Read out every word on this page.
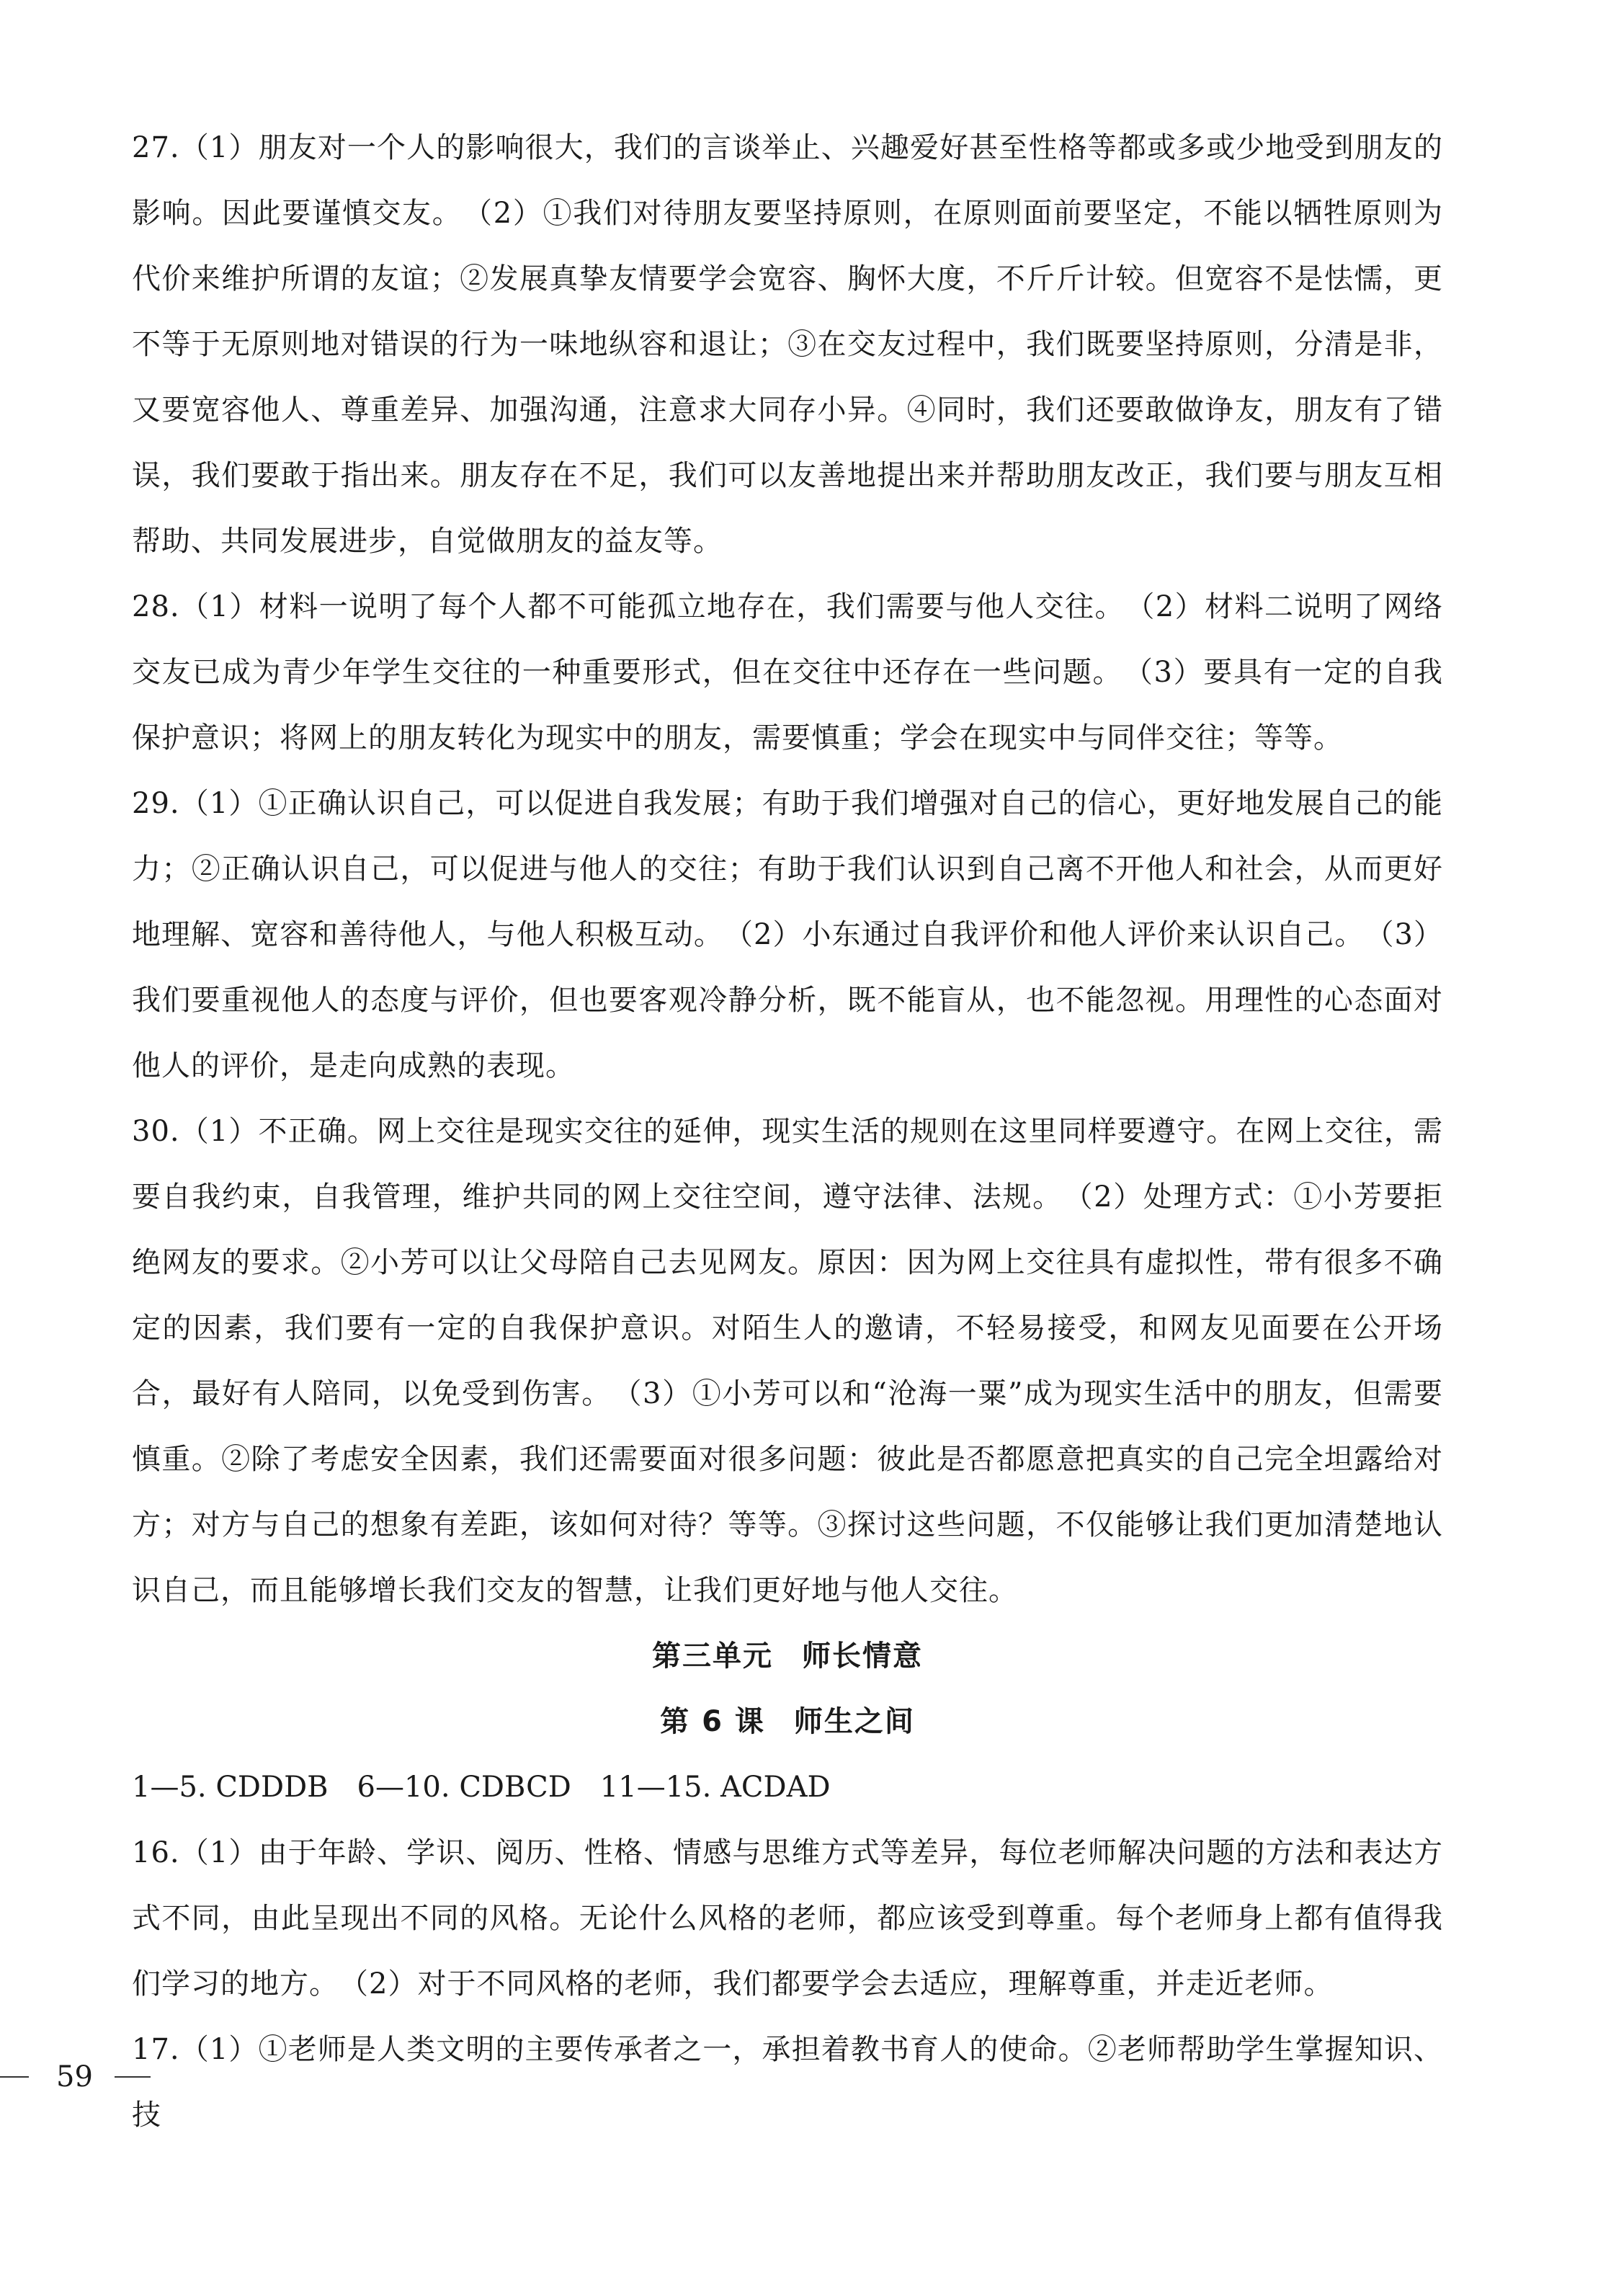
27.（1）朋友对一个人的影响很大，我们的言谈举止、兴趣爱好甚至性格等都或多或少地受到朋友的影响。因此要谨慎交友。　（2）①我们对待朋友要坚持原则，在原则面前要坚定，不能以牺牲原则为代价来维护所谓的友谊；②发展真挚友情要学会宽容、胸怀大度，不斤斤计较。但宽容不是怯懦，更不等于无原则地对错误的行为一味地纵容和退让；③在交友过程中，我们既要坚持原则，分清是非，又要宽容他人、尊重差异、加强沟通，注意求大同存小异。④同时，我们还要敢做诤友，朋友有了错误，我们要敢于指出来。朋友存在不足，我们可以友善地提出来并帮助朋友改正，我们要与朋友互相帮助、共同发展进步，自觉做朋友的益友等。

28.（1）材料一说明了每个人都不可能孤立地存在，我们需要与他人交往。　（2）材料二说明了网络交友已成为青少年学生交往的一种重要形式，但在交往中还存在一些问题。　（3）要具有一定的自我保护意识；将网上的朋友转化为现实中的朋友，需要慎重；学会在现实中与同伴交往；等等。

29.（1）①正确认识自己，可以促进自我发展；有助于我们增强对自己的信心，更好地发展自己的能力；②正确认识自己，可以促进与他人的交往；有助于我们认识到自己离不开他人和社会，从而更好地理解、宽容和善待他人，与他人积极互动。　（2）小东通过自我评价和他人评价来认识自己。　（3）我们要重视他人的态度与评价，但也要客观冷静分析，既不能盲从，也不能忽视。用理性的心态面对他人的评价，是走向成熟的表现。

30.（1）不正确。网上交往是现实交往的延伸，现实生活的规则在这里同样要遵守。在网上交往，需要自我约束，自我管理，维护共同的网上交往空间，遵守法律、法规。　（2）处理方式：①小芳要拒绝网友的要求。②小芳可以让父母陪自己去见网友。原因：因为网上交往具有虚拟性，带有很多不确定的因素，我们要有一定的自我保护意识。对陌生人的邀请，不轻易接受，和网友见面要在公开场合，最好有人陪同，以免受到伤害。　（3）①小芳可以和“沧海一粟”成为现实生活中的朋友，但需要慎重。②除了考虑安全因素，我们还需要面对很多问题：彼此是否都愿意把真实的自己完全坦露给对方；对方与自己的想象有差距，该如何对待？等等。③探讨这些问题，不仅能够让我们更加清楚地认识自己，而且能够增长我们交友的智慧，让我们更好地与他人交往。

第三单元 师长情意

第 6 课 师生之间

1—5. CDDDB　6—10. CDBCD　11—15. ACDAD

16.（1）由于年龄、学识、阅历、性格、情感与思维方式等差异，每位老师解决问题的方法和表达方式不同，由此呈现出不同的风格。无论什么风格的老师，都应该受到尊重。每个老师身上都有值得我们学习的地方。　（2）对于不同风格的老师，我们都要学会去适应，理解尊重，并走近老师。

17.（1）①老师是人类文明的主要传承者之一，承担着教书育人的使命。②老师帮助学生掌握知识、技

59
